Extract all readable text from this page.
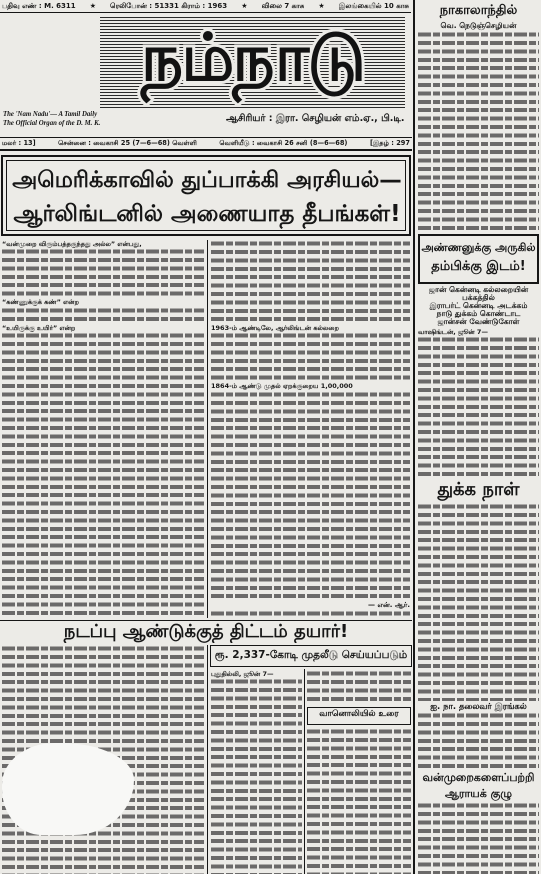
பதிவு எண் : M. 6311 ★	ரெலிபோன் : 51331 கிராம் : 1963 ★	விலை 7 காசு ★	இலங்கையில் 10 காசு
நம்நாடு
The 'Nam Nadu'— A Tamil Daily
The Official Organ of the D. M. K.	ஆசிரியர் : இரா. செழியன் எம்.ஏ., பி.டி.
மலர் : 13]	சென்னை : வைகாசி 25 (7—6—68) வெள்ளி	வெளியீடு : வைகாசி 26 சனி (8—6—68)	[இதழ் : 297
அமெரிக்காவில் துப்பாக்கி அரசியல்—
ஆர்லிங்டனில் அணையாத தீபங்கள்!
“வன்முறை விரும்பத்தகுந்தது அல்ல” என்பது,
“கண்ணுக்குக் கண்” என்ற
“உயிருக்கு உயிர்” என்ற	1963-ம் ஆண்டிலே, ஆர்லிங்டன் கல்லறை
1864-ம் ஆண்டு முதல் ஏறக்குறைய 1,00,000
— என். ஆர்.
நடப்பு ஆண்டுக்குத் திட்டம் தயார்!
ரூ. 2,337-கோடி முதலீடு செய்யப்படும்
புதுதில்லி, ஜூன் 7—
வானொலியில் உரை
நாகாலாந்தில்
வெ. நெடுஞ்செழியன்
அண்ணனுக்கு அருகில்
தம்பிக்கு இடம்!
ஜான் கென்னடி கல்லறையின்
பக்கத்தில்
இராபர்ட் கென்னடி அடக்கம்
நாடு துக்கம் கொண்டாட
ஜான்சன் வேண்டுகோள்
வாஷிங்டன், ஜூன் 7—
துக்க நாள்
ஐ. நா. தலைவர் இரங்கல்
வன்முறைகளைப்பற்றி
ஆராயக் குழு
